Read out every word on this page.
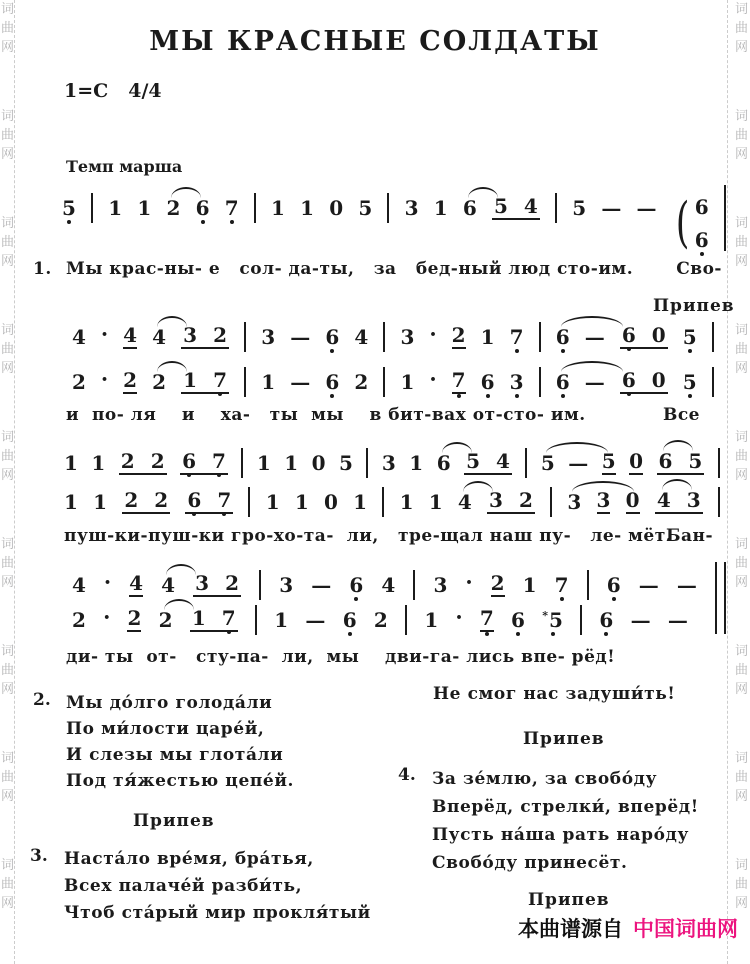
词
曲
网
词
曲
网
词
曲
网
词
曲
网
词
曲
网
词
曲
网
词
曲
网
词
曲
网
词
曲
网
词
曲
网
词
曲
网
词
曲
网
词
曲
网
词
曲
网
词
曲
网
词
曲
网
词
曲
网
词
曲
网
МЫ КРАСНЫЕ СОЛДАТЫ
1=C 4/4
Темп марша
Припев
5 1 1 2 6 7 1 1 0 5 3 1 6 5 4 5 — — ( 6
6
4 • 4 4 3 2 3 — 6 4 3 • 2 1 7 6 — 6 0 5
2 • 2 2 1 7 1 — 6 2 1 • 7 6 3 6 — 6 0 5
1 1 2 2 6 7 1 1 0 5 3 1 6 5 4 5 — 5 0 6 5
1 1 2 2 6 7 1 1 0 1 1 1 4 3 2 3 3 0 4 3
4 • 4 4 3 2 3 — 6 4 3 • 2 1 7 6 — —
2 • 2 2 1 7 1 — 6 2 1 • 7 6 *5 6 — —
1. Мы крас-ны- е   сол- да-ты,   за   бед-ный люд сто-им.	Сво-
и  по- ля    и    ха-   ты  мы    в бит-вах от-сто- им.	Все
пуш-ки-пуш-ки гро-хо-та-  ли,   тре-щал наш пу-   ле- мёт.
Бан-
ди- ты  от-   сту-па-  ли,  мы    дви-га- лись впе- рёд!
2. Мы до́лго голода́ли
По ми́лости царе́й,
И слезы мы глота́ли
Под тя́жестью цепе́й.
Припев
3. Наста́ло вре́мя, бра́тья,
Всех палаче́й разби́ть,
Чтоб ста́рый мир прокля́тый
Не смог нас задуши́ть!
Припев
4. За зе́млю, за свобо́ду
Вперёд, стрелки́, вперёд!
Пусть на́ша рать наро́ду
Свобо́ду принесёт.
Припев
本曲谱源自 中国词曲网
